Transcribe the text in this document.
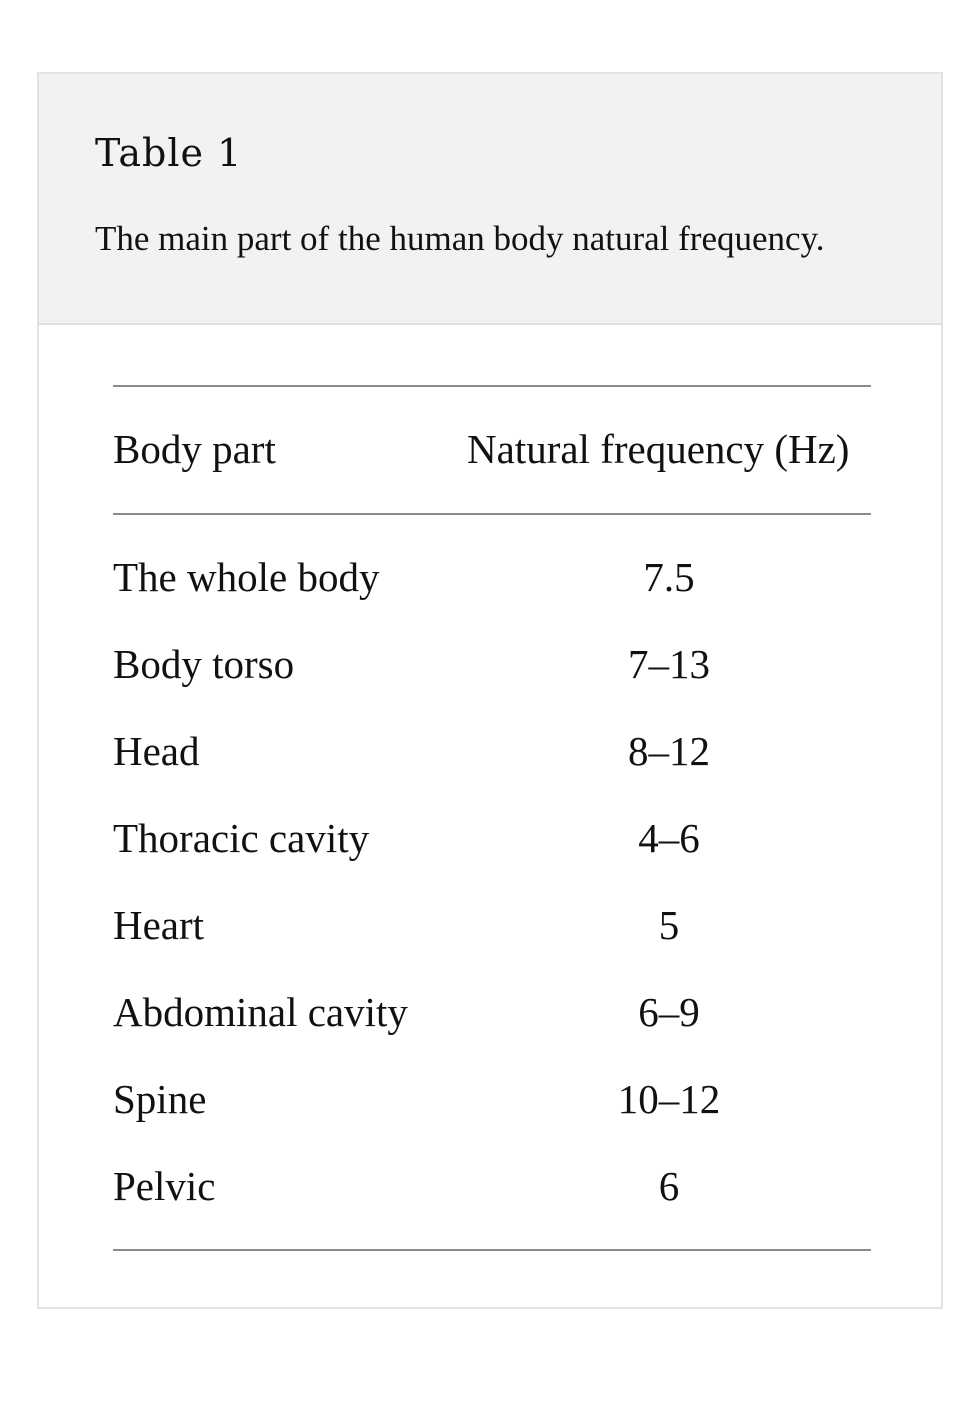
Table 1
The main part of the human body natural frequency.
Body part	Natural frequency (Hz)
The whole body	7.5
Body torso	7–13
Head	8–12
Thoracic cavity	4–6
Heart	5
Abdominal cavity	6–9
Spine	10–12
Pelvic	6
